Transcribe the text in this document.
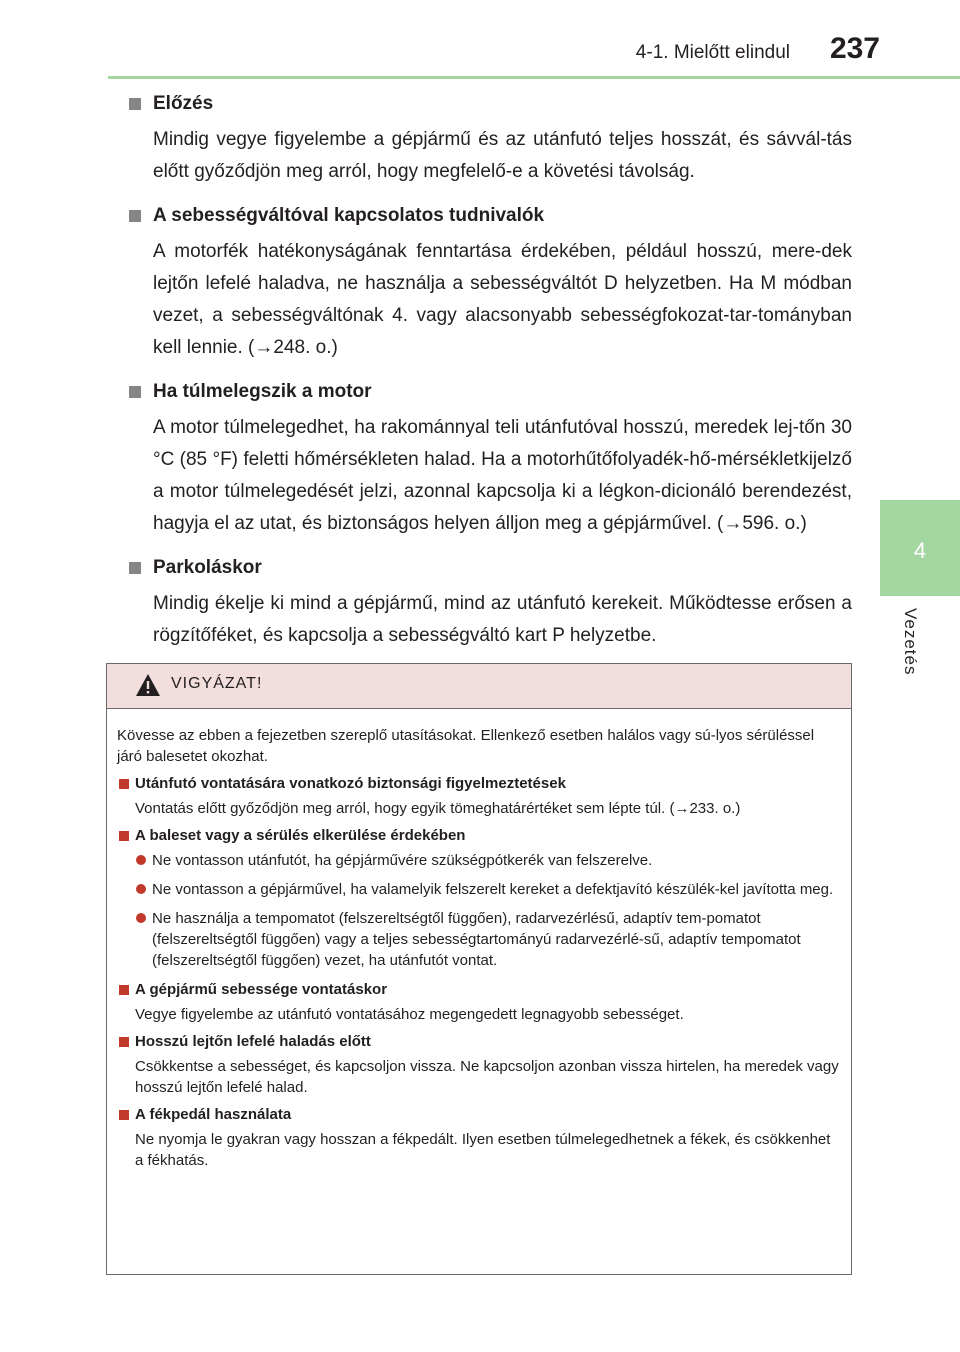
4-1. Mielőtt elindul 237
4
Vezetés
Előzés
Mindig vegye figyelembe a gépjármű és az utánfutó teljes hosszát, és sávvál-tás előtt győződjön meg arról, hogy megfelelő-e a követési távolság.
A sebességváltóval kapcsolatos tudnivalók
A motorfék hatékonyságának fenntartása érdekében, például hosszú, mere-dek lejtőn lefelé haladva, ne használja a sebességváltót D helyzetben. Ha M módban vezet, a sebességváltónak 4. vagy alacsonyabb sebességfokozat-tar-tományban kell lennie. (→248. o.)
Ha túlmelegszik a motor
A motor túlmelegedhet, ha rakománnyal teli utánfutóval hosszú, meredek lej-tőn 30 °C (85 °F) feletti hőmérsékleten halad. Ha a motorhűtőfolyadék-hő-mérsékletkijelző a motor túlmelegedését jelzi, azonnal kapcsolja ki a légkon-dicionáló berendezést, hagyja el az utat, és biztonságos helyen álljon meg a gépjárművel. (→596. o.)
Parkoláskor
Mindig ékelje ki mind a gépjármű, mind az utánfutó kerekeit. Működtesse erősen a rögzítőféket, és kapcsolja a sebességváltó kart P helyzetbe.
VIGYÁZAT!
Kövesse az ebben a fejezetben szereplő utasításokat. Ellenkező esetben halálos vagy sú-lyos sérüléssel járó balesetet okozhat.
Utánfutó vontatására vonatkozó biztonsági figyelmeztetések
Vontatás előtt győződjön meg arról, hogy egyik tömeghatárértéket sem lépte túl. (→233. o.)
A baleset vagy a sérülés elkerülése érdekében
Ne vontasson utánfutót, ha gépjárművére szükségpótkerék van felszerelve.
Ne vontasson a gépjárművel, ha valamelyik felszerelt kereket a defektjavító készülék-kel javította meg.
Ne használja a tempomatot (felszereltségtől függően), radarvezérlésű, adaptív tem-pomatot (felszereltségtől függően) vagy a teljes sebességtartományú radarvezérlé-sű, adaptív tempomatot (felszereltségtől függően) vezet, ha utánfutót vontat.
A gépjármű sebessége vontatáskor
Vegye figyelembe az utánfutó vontatásához megengedett legnagyobb sebességet.
Hosszú lejtőn lefelé haladás előtt
Csökkentse a sebességet, és kapcsoljon vissza. Ne kapcsoljon azonban vissza hirtelen, ha meredek vagy hosszú lejtőn lefelé halad.
A fékpedál használata
Ne nyomja le gyakran vagy hosszan a fékpedált. Ilyen esetben túlmelegedhetnek a fékek, és csökkenhet a fékhatás.
